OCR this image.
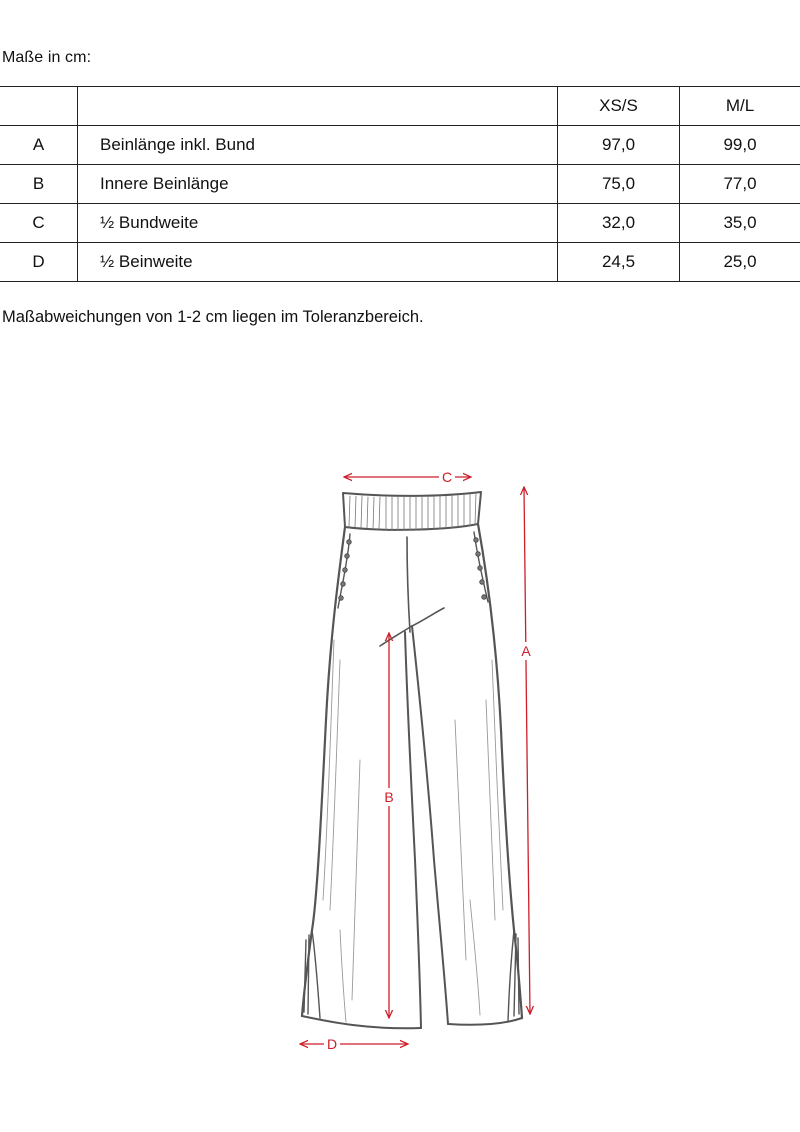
Maße in cm:
		XS/S	M/L
A	Beinlänge inkl. Bund	97,0	99,0
B	Innere Beinlänge	75,0	77,0
C	½ Bundweite	32,0	35,0
D	½ Beinweite	24,5	25,0
Maßabweichungen von 1-2 cm liegen im Toleranzbereich.
C
A
B
D
